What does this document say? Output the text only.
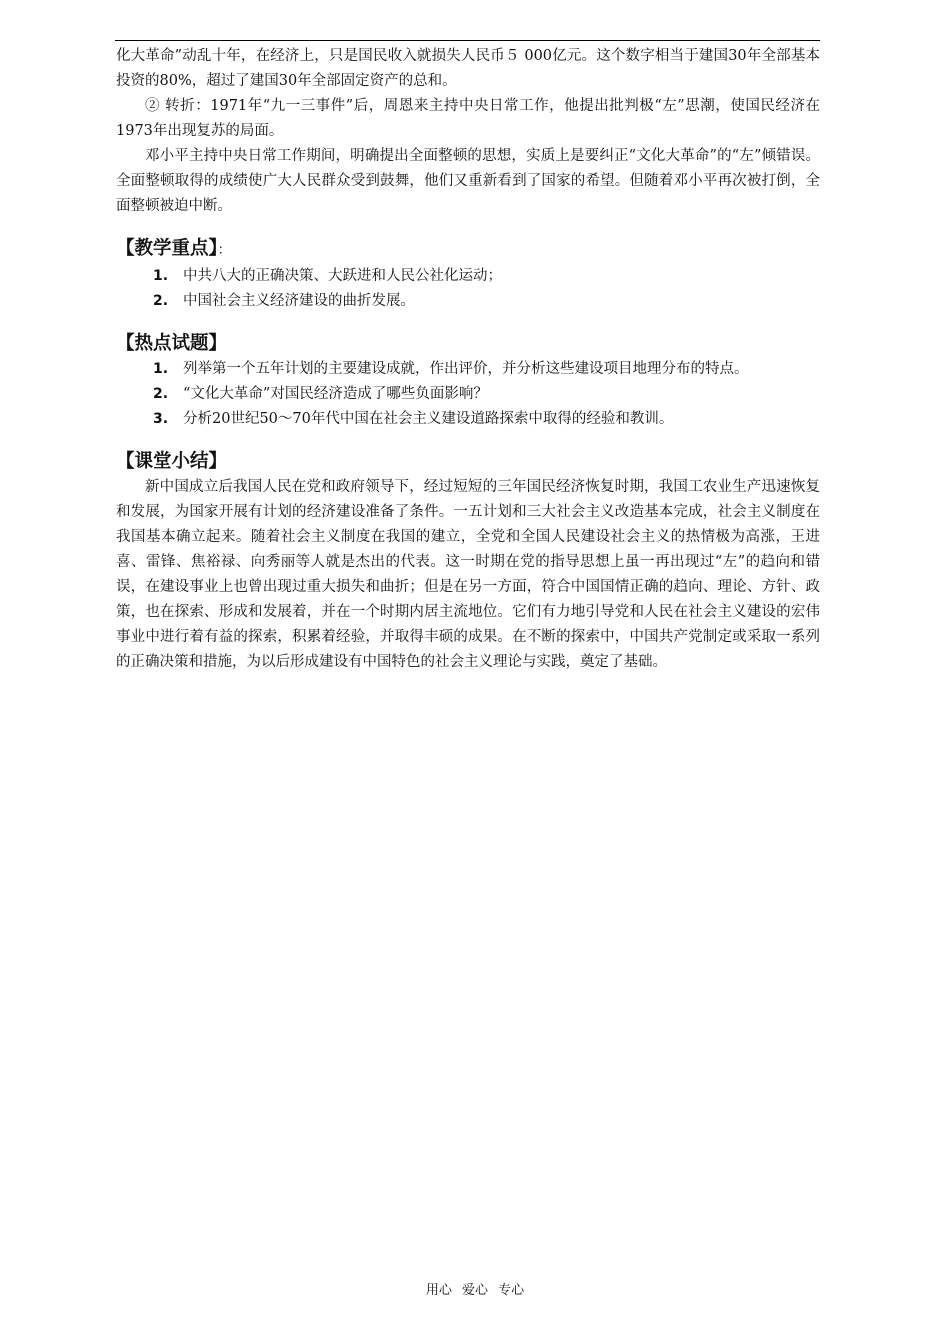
化大革命”动乱十年，在经济上，只是国民收入就损失人民币５ 000亿元。这个数字相当于建国30年全部基本投资的80%，超过了建国30年全部固定资产的总和。

② 转折：1971年“九一三事件”后，周恩来主持中央日常工作，他提出批判极“左”思潮，使国民经济在1973年出现复苏的局面。

邓小平主持中央日常工作期间，明确提出全面整顿的思想，实质上是要纠正“文化大革命”的“左”倾错误。全面整顿取得的成绩使广大人民群众受到鼓舞，他们又重新看到了国家的希望。但随着邓小平再次被打倒，全面整顿被迫中断。

【教学重点】：
1.	中共八大的正确决策、大跃进和人民公社化运动；
2.	中国社会主义经济建设的曲折发展。
【热点试题】
1.	列举第一个五年计划的主要建设成就，作出评价，并分析这些建设项目地理分布的特点。
2.	“文化大革命”对国民经济造成了哪些负面影响？
3.	分析20世纪50～70年代中国在社会主义建设道路探索中取得的经验和教训。
【课堂小结】

新中国成立后我国人民在党和政府领导下，经过短短的三年国民经济恢复时期，我国工农业生产迅速恢复和发展，为国家开展有计划的经济建设准备了条件。一五计划和三大社会主义改造基本完成，社会主义制度在我国基本确立起来。随着社会主义制度在我国的建立，全党和全国人民建设社会主义的热情极为高涨，王进喜、雷锋、焦裕禄、向秀丽等人就是杰出的代表。这一时期在党的指导思想上虽一再出现过“左”的趋向和错误，在建设事业上也曾出现过重大损失和曲折；但是在另一方面，符合中国国情正确的趋向、理论、方针、政策，也在探索、形成和发展着，并在一个时期内居主流地位。它们有力地引导党和人民在社会主义建设的宏伟事业中进行着有益的探索，积累着经验，并取得丰硕的成果。在不断的探索中，中国共产党制定或采取一系列的正确决策和措施，为以后形成建设有中国特色的社会主义理论与实践，奠定了基础。

用心 爱心 专心
